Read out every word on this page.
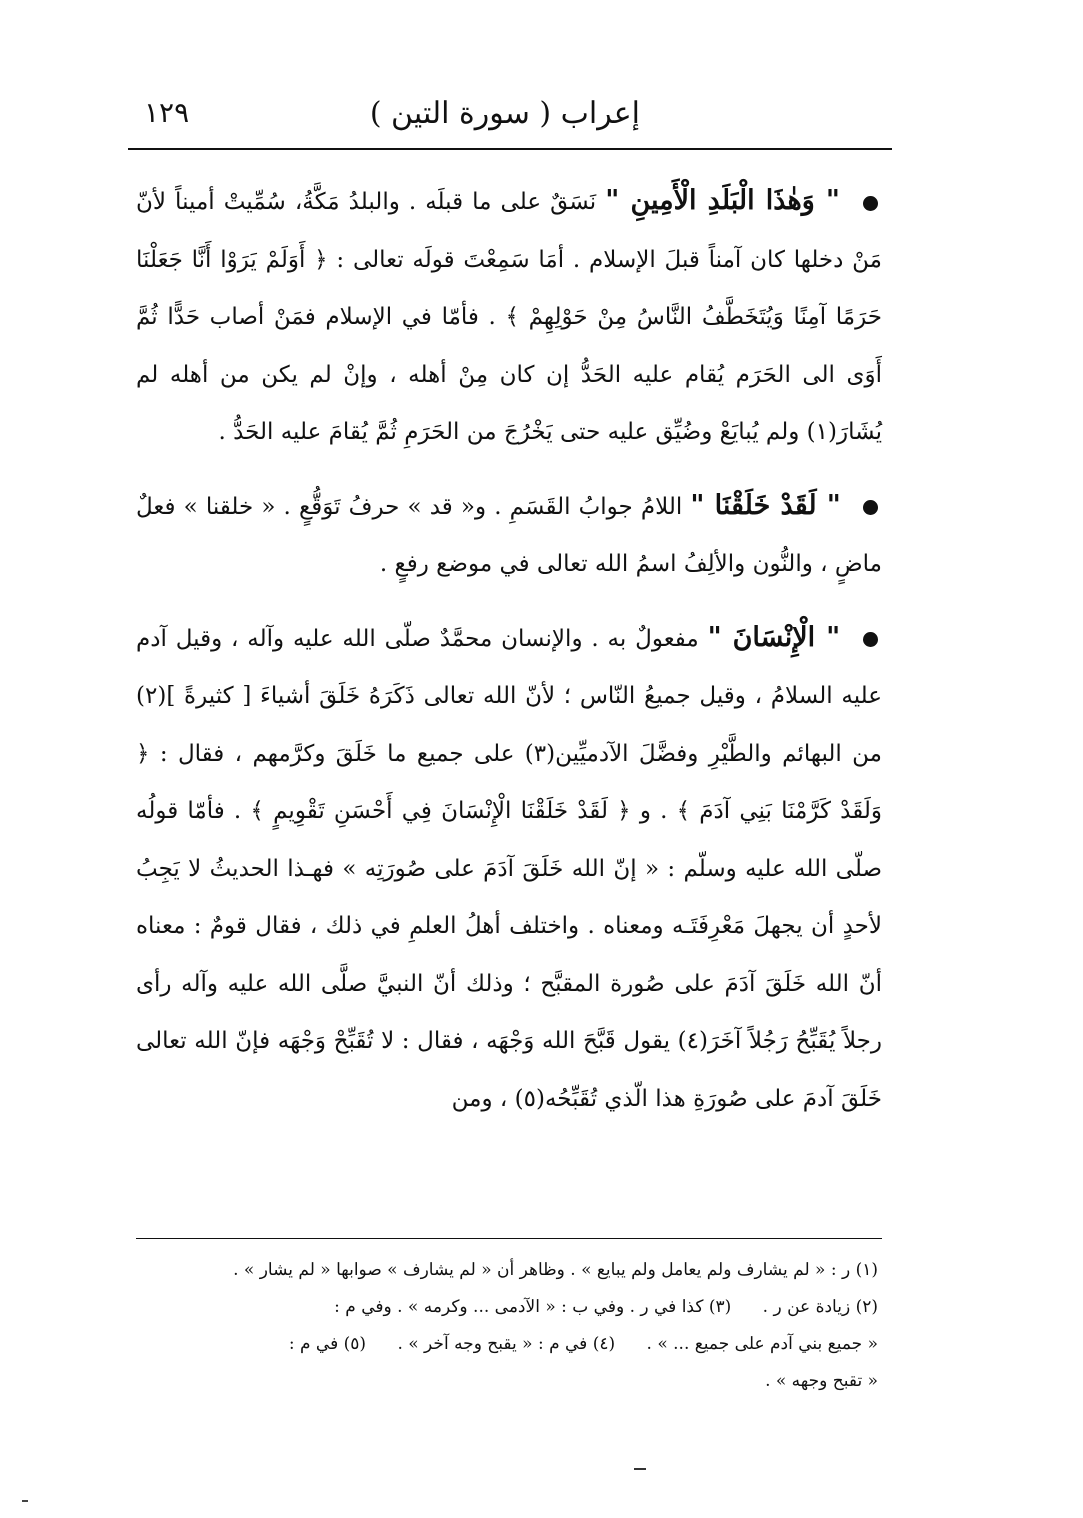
إعراب ( سورة التين )
١٢٩

" وَهٰذَا الْبَلَدِ الْأَمِينِ " نَسَقٌ على ما قبلَه . والبلدُ مَكَّةُ، سُمِّيتْ أميناً لأنّ مَنْ دخلها كان آمناً قبلَ الإسلام . أمَا سَمِعْتَ قولَه تعالى : ﴿ أَوَلَمْ يَرَوْا أَنَّا جَعَلْنَا حَرَمًا آمِنًا وَيُتَخَطَّفُ النَّاسُ مِنْ حَوْلِهِمْ ﴾ . فأمّا في الإسلام فمَنْ أصاب حَدًّا ثُمَّ أَوَى الى الحَرَم يُقام عليه الحَدُّ إن كان مِنْ أهله ، وإنْ لم يكن من أهله لم يُشَارَ(١) ولم يُبايَعْ وضُيِّق عليه حتى يَخْرُجَ من الحَرَمِ ثُمَّ يُقامَ عليه الحَدُّ .

" لَقَدْ خَلَقْنَا " اللامُ جوابُ القَسَمِ . و« قد » حرفُ تَوَقُّعٍ . « خلقنا » فعلٌ ماضٍ ، والنُّون والألِفُ اسمُ الله تعالى في موضع رفعٍ .

" الْإِنْسَانَ " مفعولٌ به . والإنسان محمَّدٌ صلّى الله عليه وآله ، وقيل آدم عليه السلامُ ، وقيل جميعُ النّاس ؛ لأنّ الله تعالى ذَكَرَهُ خَلَقَ أشياءَ [ كثيرةً ](٢) من البهائم والطَّيْرِ وفضَّلَ الآدميِّين(٣) على جميع ما خَلَقَ وكرَّمهم ، فقال : ﴿ وَلَقَدْ كَرَّمْنَا بَنِي آدَمَ ﴾ . و ﴿ لَقَدْ خَلَقْنَا الْإِنْسَانَ فِي أَحْسَنِ تَقْوِيمٍ ﴾ . فأمّا قولُه صلّى الله عليه وسلّم : « إنّ الله خَلَقَ آدَمَ على صُورَتِه » فهـذا الحديثُ لا يَجِبُ لأحدٍ أن يجهلَ مَعْرِفَتَـه ومعناه . واختلف أهلُ العلمِ في ذلك ، فقال قومٌ : معناه أنّ الله خَلَقَ آدَمَ على صُورة المقبَّح ؛ وذلك أنّ النبيَّ صلَّى الله عليه وآله رأى رجلاً يُقَبِّحُ رَجُلاً آخَرَ(٤) يقول قَبَّحَ الله وَجْهَه ، فقال : لا تُقَبِّحْ وَجْهَه فإنّ الله تعالى خَلَقَ آدمَ على صُورَةِ هذا الّذي تُقَبِّحُه(٥) ، ومن

(١) ر : « لم يشارف ولم يعامل ولم يبايع » . وظاهر أن « لم يشارف » صوابها « لم يشار » .

(٢) زيادة عن ر . (٣) كذا في ر . وفي ب : « الآدمى ... وكرمه » . وفي م :

« جميع بني آدم على جميع ... » . (٤) في م : « يقبح وجه آخر » . (٥) في م :

« تقبح وجهه » .
